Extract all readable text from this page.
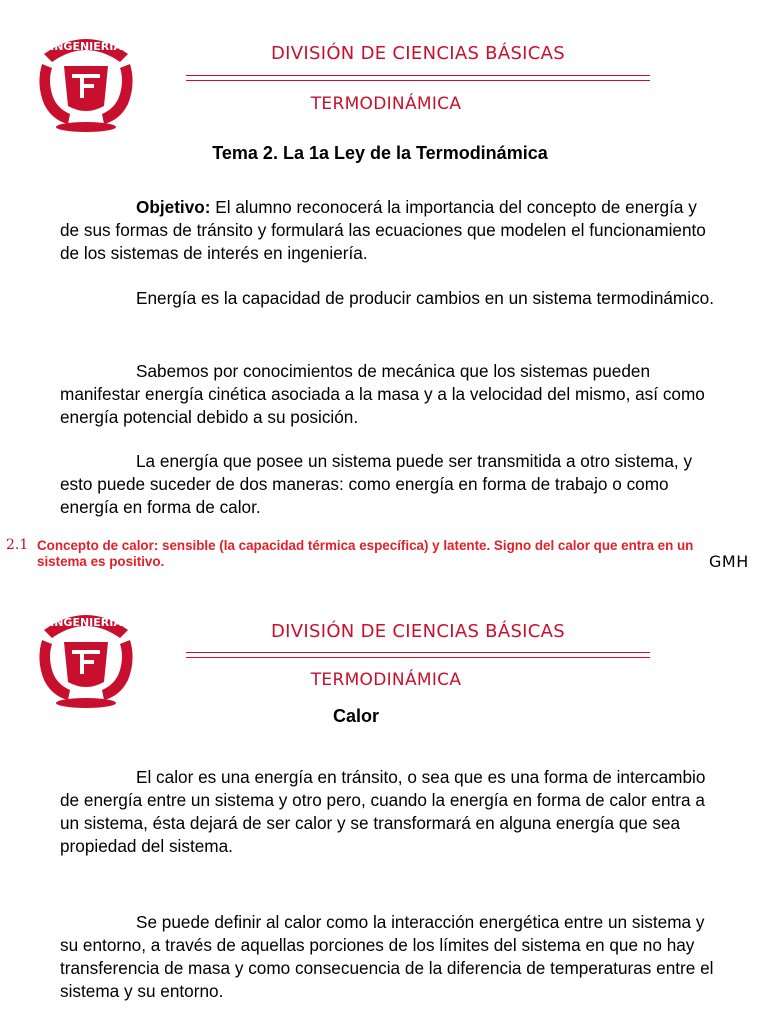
INGENIERIA	DIVISIÓN DE CIENCIAS BÁSICAS
TERMODINÁMICA
Tema 2. La 1a Ley de la Termodinámica

Objetivo: El alumno reconocerá la importancia del concepto de energía y de sus formas de tránsito y formulará las ecuaciones que modelen el funcionamiento de los sistemas de interés en ingeniería.

Energía es la capacidad de producir cambios en un sistema termodinámico.

Sabemos por conocimientos de mecánica que los sistemas pueden manifestar energía cinética asociada a la masa y a la velocidad del mismo, así como energía potencial debido a su posición.

La energía que posee un sistema puede ser transmitida a otro sistema, y esto puede suceder de dos maneras: como energía en forma de trabajo o como energía en forma de calor.

2.1 Concepto de calor: sensible (la capacidad térmica específica) y latente. Signo del calor que entra en un sistema es positivo.	GMH
INGENIERIA	DIVISIÓN DE CIENCIAS BÁSICAS
TERMODINÁMICA
Calor

El calor es una energía en tránsito, o sea que es una forma de intercambio de energía entre un sistema y otro pero, cuando la energía en forma de calor entra a un sistema, ésta dejará de ser calor y se transformará en alguna energía que sea propiedad del sistema.

Se puede definir al calor como la interacción energética entre un sistema y su entorno, a través de aquellas porciones de los límites del sistema en que no hay transferencia de masa y como consecuencia de la diferencia de temperaturas entre el sistema y su entorno.
